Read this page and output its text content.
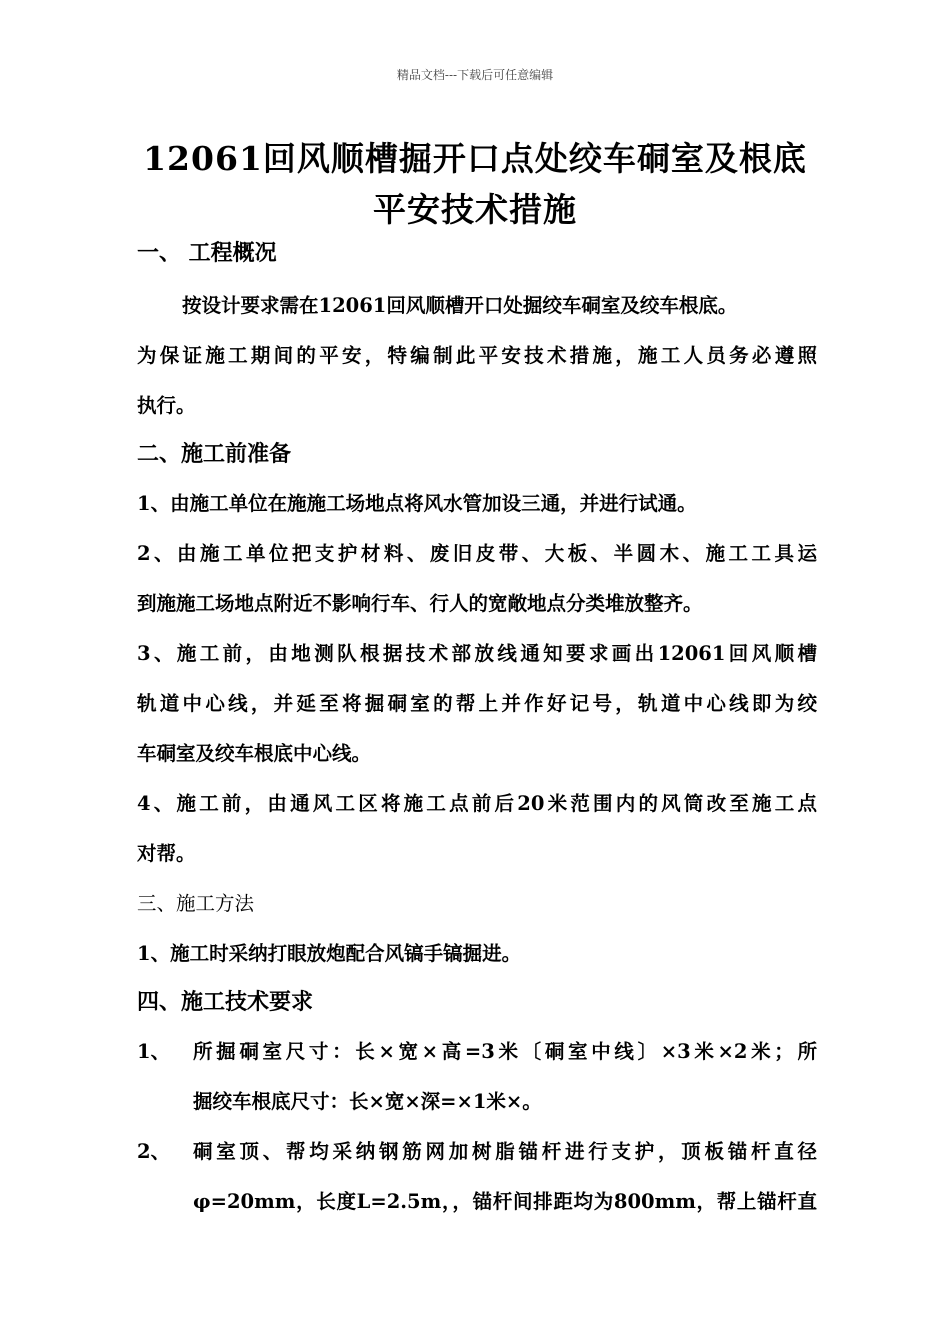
精品文档---下载后可任意编辑
12061回风顺槽掘开口点处绞车硐室及根底
平安技术措施
一、 工程概况
按设计要求需在12061回风顺槽开口处掘绞车硐室及绞车根底。
为保证施工期间的平安，特编制此平安技术措施，施工人员务必遵照
执行。
二、施工前准备
1、由施工单位在施施工场地点将风水管加设三通，并进行试通。
2、由施工单位把支护材料、废旧皮带、大板、半圆木、施工工具运
到施施工场地点附近不影响行车、行人的宽敞地点分类堆放整齐。
3、施工前，由地测队根据技术部放线通知要求画出12061回风顺槽
轨道中心线，并延至将掘硐室的帮上并作好记号，轨道中心线即为绞
车硐室及绞车根底中心线。
4、施工前，由通风工区将施工点前后20米范围内的风筒改至施工点
对帮。
三、施工方法
1、施工时采纳打眼放炮配合风镐手镐掘进。
四、施工技术要求
1、 所掘硐室尺寸：长×宽×高=3米〔硐室中线〕×3米×2米；所
掘绞车根底尺寸：长×宽×深=×1米×。
2、 硐室顶、帮均采纳钢筋网加树脂锚杆进行支护，顶板锚杆直径
φ=20mm，长度L=2.5m，，锚杆间排距均为800mm，帮上锚杆直
